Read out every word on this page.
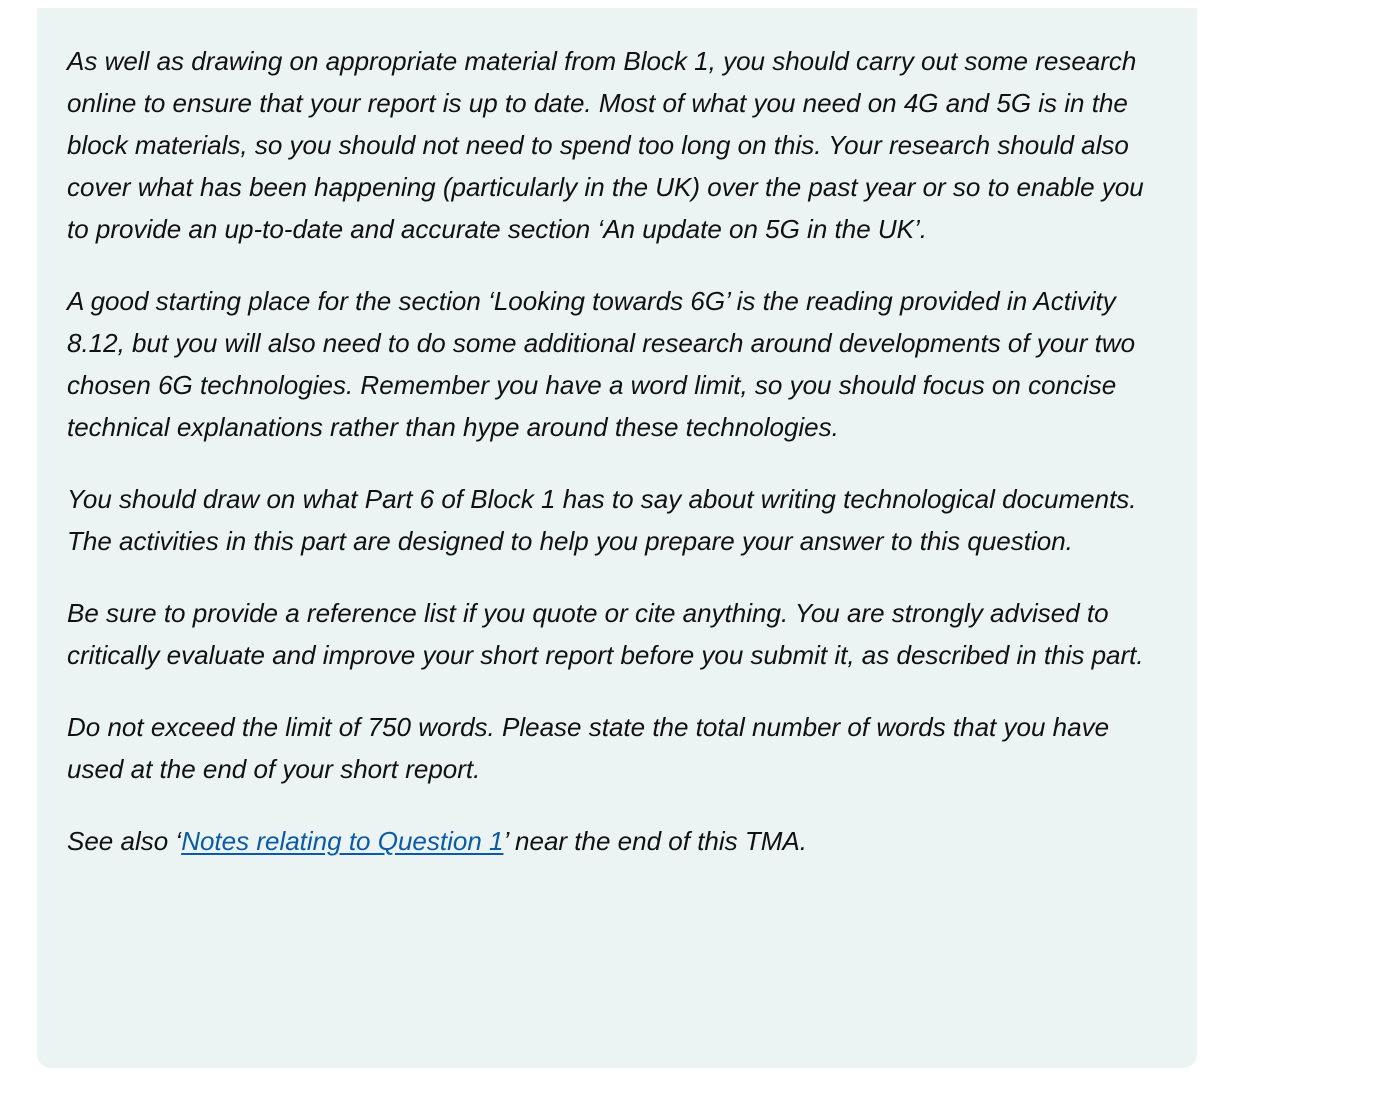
As well as drawing on appropriate material from Block 1, you should carry out some research online to ensure that your report is up to date. Most of what you need on 4G and 5G is in the block materials, so you should not need to spend too long on this. Your research should also cover what has been happening (particularly in the UK) over the past year or so to enable you to provide an up-to-date and accurate section ‘An update on 5G in the UK’.

A good starting place for the section ‘Looking towards 6G’ is the reading provided in Activity 8.12, but you will also need to do some additional research around developments of your two chosen 6G technologies. Remember you have a word limit, so you should focus on concise technical explanations rather than hype around these technologies.

You should draw on what Part 6 of Block 1 has to say about writing technological documents. The activities in this part are designed to help you prepare your answer to this question.

Be sure to provide a reference list if you quote or cite anything. You are strongly advised to critically evaluate and improve your short report before you submit it, as described in this part.

Do not exceed the limit of 750 words. Please state the total number of words that you have used at the end of your short report.

See also ‘Notes relating to Question 1’ near the end of this TMA.
